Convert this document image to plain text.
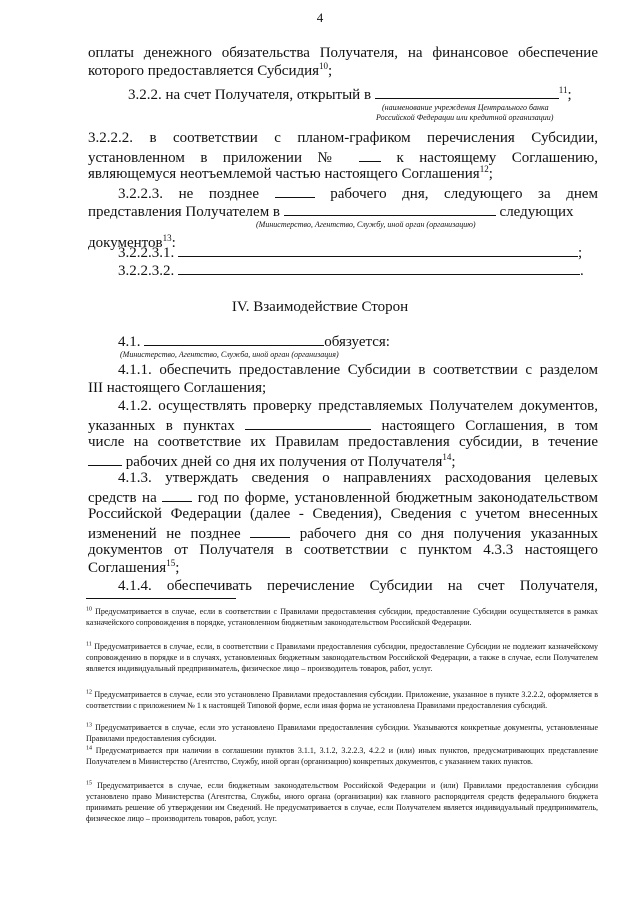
4
оплаты денежного обязательства Получателя, на финансовое обеспечение
которого предоставляется Субсидия$^{10}$;
3.2.2. на счет Получателя, открытый в	$^{11}$;
(наименование учреждения Центрального банка
Российской Федерации или кредитной организации)
3.2.2.2. в соответствии с планом-графиком перечисления Субсидии,
установленном в приложении №	к настоящему Соглашению,
являющемуся неотъемлемой частью настоящего Соглашения$^{12}$;
3.2.2.3. не позднее	рабочего дня, следующего за днем
представления Получателем в	следующих
(Министерство, Агентство, Службу, иной орган (организацию)
документов$^{13}$:
3.2.2.3.1.	;
3.2.2.3.2.	.
IV. Взаимодействие Сторон
4.1.	обязуется:
(Министерство, Агентство, Служба, иной орган (организация)
4.1.1. обеспечить предоставление Субсидии в соответствии с разделом
III настоящего Соглашения;
4.1.2. осуществлять проверку представляемых Получателем документов,
указанных в пунктах	настоящего Соглашения, в том
числе на соответствие их Правилам предоставления субсидии, в течение
рабочих дней со дня их получения от Получателя$^{14}$;
4.1.3. утверждать сведения о направлениях расходования целевых
средств на	год по форме, установленной бюджетным законодательством
Российской Федерации (далее - Сведения), Сведения с учетом внесенных
изменений не позднее	рабочего дня со дня получения указанных
документов от Получателя в соответствии с пунктом 4.3.3 настоящего
Соглашения$^{15}$;
4.1.4. обеспечивать перечисление Субсидии на счет Получателя,
$^{10}$ Предусматривается в случае, если в соответствии с Правилами предоставления субсидии, предоставление Субсидии осуществляется в рамках казначейского сопровождения в порядке, установленном бюджетным законодательством Российской Федерации.
$^{11}$ Предусматривается в случае, если, в соответствии с Правилами предоставления субсидии, предоставление Субсидии не подлежит казначейскому сопровождению в порядке и в случаях, установленных бюджетным законодательством Российской Федерации, а также в случае, если Получателем является индивидуальный предприниматель, физическое лицо – производитель товаров, работ, услуг.
$^{12}$ Предусматривается в случае, если это установлено Правилами предоставления субсидии. Приложение, указанное в пункте 3.2.2.2, оформляется в соответствии с приложением № 1 к настоящей Типовой форме, если иная форма не установлена Правилами предоставления субсидий.
$^{13}$ Предусматривается в случае, если это установлено Правилами предоставления субсидии. Указываются конкретные документы, установленные Правилами предоставления субсидии.
$^{14}$ Предусматривается при наличии в соглашении пунктов 3.1.1, 3.1.2, 3.2.2.3, 4.2.2 и (или) иных пунктов, предусматривающих представление Получателем в Министерство (Агентство, Службу, иной орган (организацию) конкретных документов, с указанием таких пунктов.
$^{15}$ Предусматривается в случае, если бюджетным законодательством Российской Федерации и (или) Правилами предоставления субсидии установлено право Министерства (Агентства, Службы, иного органа (организации) как главного распорядителя средств федерального бюджета принимать решение об утверждении им Сведений. Не предусматривается в случае, если Получателем является индивидуальный предприниматель, физическое лицо – производитель товаров, работ, услуг.
